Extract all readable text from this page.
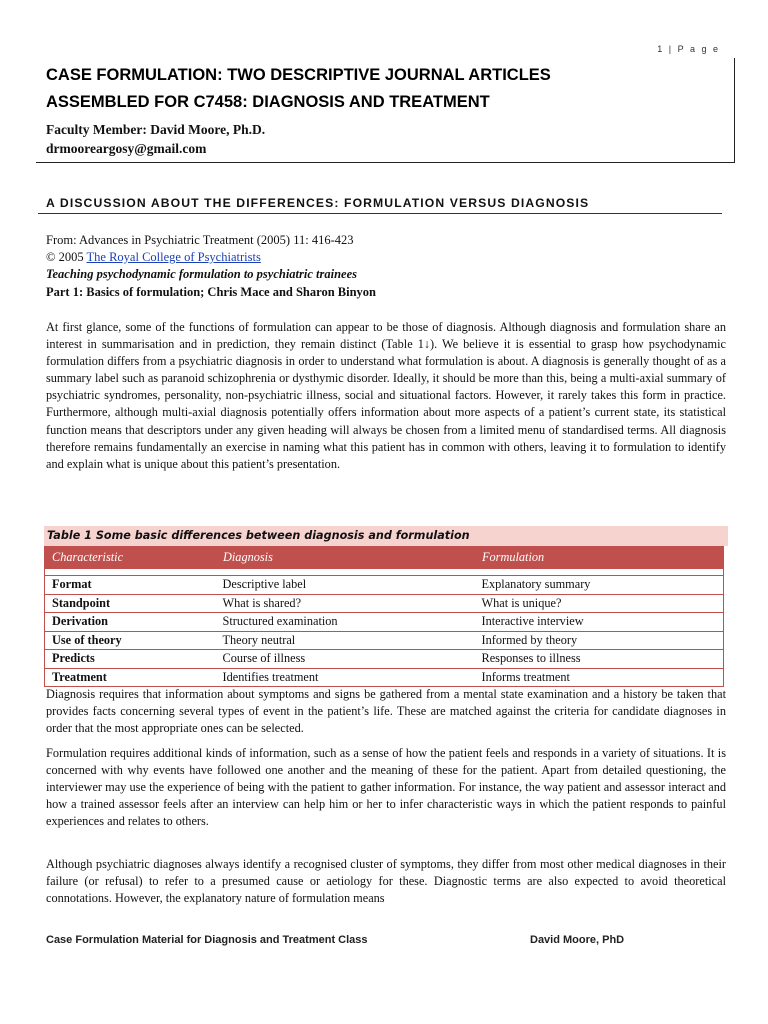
1 | P a g e
CASE FORMULATION: TWO DESCRIPTIVE JOURNAL ARTICLES
ASSEMBLED FOR C7458: DIAGNOSIS AND TREATMENT
Faculty Member: David Moore, Ph.D.
drmooreargosy@gmail.com
A DISCUSSION ABOUT THE DIFFERENCES: FORMULATION VERSUS DIAGNOSIS
From: Advances in Psychiatric Treatment (2005) 11: 416-423
© 2005 The Royal College of Psychiatrists
Teaching psychodynamic formulation to psychiatric trainees
Part 1: Basics of formulation; Chris Mace and Sharon Binyon

At first glance, some of the functions of formulation can appear to be those of diagnosis. Although diagnosis and formulation share an interest in summarisation and in prediction, they remain distinct (Table 1↓). We believe it is essential to grasp how psychodynamic formulation differs from a psychiatric diagnosis in order to understand what formulation is about. A diagnosis is generally thought of as a summary label such as paranoid schizophrenia or dysthymic disorder. Ideally, it should be more than this, being a multi-axial summary of psychiatric syndromes, personality, non-psychiatric illness, social and situational factors. However, it rarely takes this form in practice. Furthermore, although multi-axial diagnosis potentially offers information about more aspects of a patient’s current state, its statistical function means that descriptors under any given heading will always be chosen from a limited menu of standardised terms. All diagnosis therefore remains fundamentally an exercise in naming what this patient has in common with others, leaving it to formulation to identify and explain what is unique about this patient’s presentation.

Table 1 Some basic differences between diagnosis and formulation
Characteristic	Diagnosis	Formulation

Format	Descriptive label	Explanatory summary
Standpoint	What is shared?	What is unique?
Derivation	Structured examination	Interactive interview
Use of theory	Theory neutral	Informed by theory
Predicts	Course of illness	Responses to illness
Treatment	Identifies treatment	Informs treatment

Diagnosis requires that information about symptoms and signs be gathered from a mental state examination and a history be taken that provides facts concerning several types of event in the patient’s life. These are matched against the criteria for candidate diagnoses in order that the most appropriate ones can be selected.

Formulation requires additional kinds of information, such as a sense of how the patient feels and responds in a variety of situations. It is concerned with why events have followed one another and the meaning of these for the patient. Apart from detailed questioning, the interviewer may use the experience of being with the patient to gather information. For instance, the way patient and assessor interact and how a trained assessor feels after an interview can help him or her to infer characteristic ways in which the patient responds to painful experiences and relates to others.

Although psychiatric diagnoses always identify a recognised cluster of symptoms, they differ from most other medical diagnoses in their failure (or refusal) to refer to a presumed cause or aetiology for these. Diagnostic terms are also expected to avoid theoretical connotations. However, the explanatory nature of formulation means

Case Formulation Material for Diagnosis and Treatment Class	David Moore, PhD
